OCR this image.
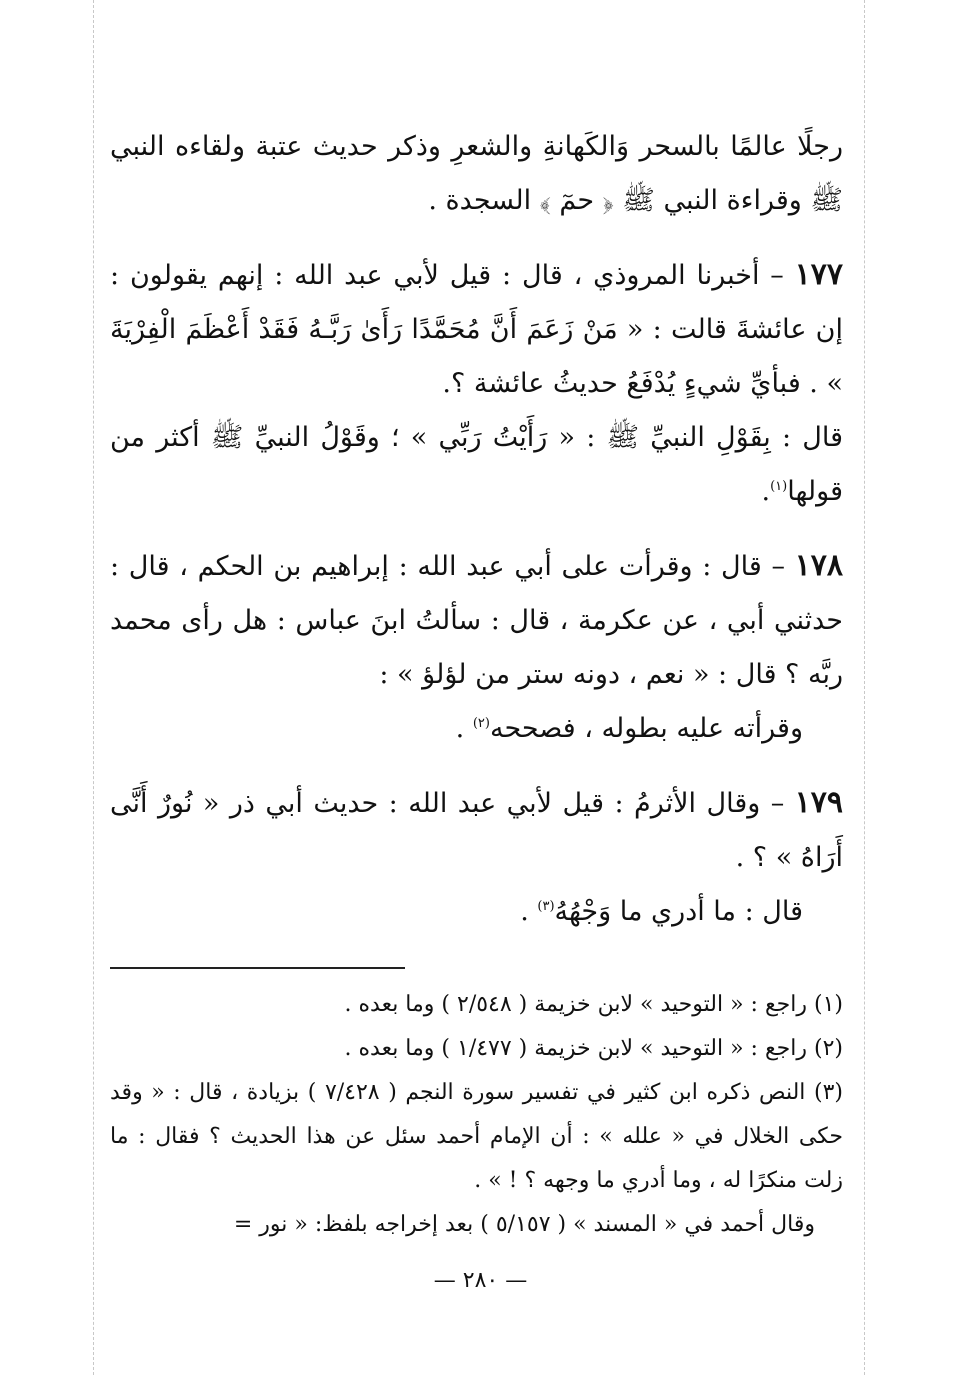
رجلًا عالمًا بالسحر وَالكَهانةِ والشعرِ وذكر حديث عتبة ولقاءه النبي ﷺ وقراءة النبي ﷺ ﴿ حمٓ ﴾ السجدة .

١٧٧ – أخبرنا المروذي ، قال : قيل لأبي عبد الله : إنهم يقولون : إن عائشةَ قالت : « مَنْ زَعَمَ أَنَّ مُحَمَّدًا رَأَىٰ رَبَّـهُ فَقَدْ أَعْظَمَ الْفِرْيَةَ » . فبأيِّ شيءٍ يُدْفَعُ حديثُ عائشة ؟.

قال : بِقَوْلِ النبيِّ ﷺ : « رَأَيْتُ رَبِّي » ؛ وقَوْلُ النبيِّ ﷺ أكثر من قولها$^{(١)}$.

١٧٨ – قال : وقرأت على أبي عبد الله : إبراهيم بن الحكم ، قال : حدثني أبي ، عن عكرمة ، قال : سألتُ ابنَ عباس : هل رأى محمد ربَّه ؟ قال : « نعم ، دونه ستر من لؤلؤ » :

وقرأته عليه بطوله ، فصححه$^{(٢)}$ .

١٧٩ – وقال الأثرمُ : قيل لأبي عبد الله : حديث أبي ذر « نُورٌ أَنَّى أَرَاهُ » ؟ .

قال : ما أدري ما وَجْهُهُ$^{(٣)}$ .

(١) راجع : « التوحيد » لابن خزيمة ( ٢/٥٤٨ ) وما بعده .

(٢) راجع : « التوحيد » لابن خزيمة ( ١/٤٧٧ ) وما بعده .

(٣) النص ذكره ابن كثير في تفسير سورة النجم ( ٧/٤٢٨ ) بزيادة ، قال : « وقد حكى الخلال في « علله » : أن الإمام أحمد سئل عن هذا الحديث ؟ فقال : ما زلت منكرًا له ، وما أدري ما وجهه ؟ ! » .

وقال أحمد في « المسند » ( ٥/١٥٧ ) بعد إخراجه بلفظ: « نور =

— ٢٨٠ —
